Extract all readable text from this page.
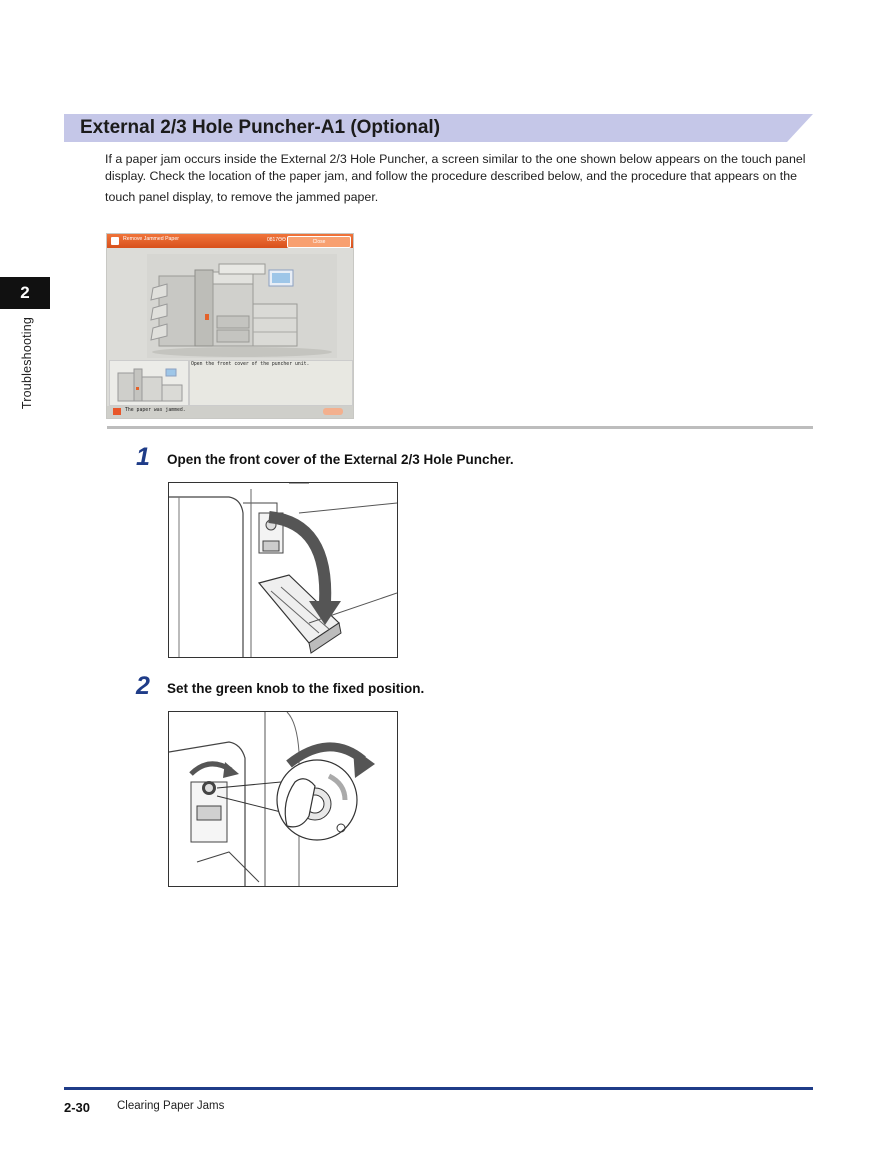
External 2/3 Hole Puncher-A1 (Optional)
If a paper jam occurs inside the External 2/3 Hole Puncher, a screen similar to the one shown below appears on the touch panel
display. Check the location of the paper jam, and follow the procedure described below, and the procedure that appears on the
touch panel display, to remove the jammed paper.
2
Troubleshooting
Remove Jammed Paper	0817ΘΘ	Close
Open the front cover of the puncher unit.
The paper was jammed.
1 Open the front cover of the External 2/3 Hole Puncher.
2 Set the green knob to the fixed position.
2-30 Clearing Paper Jams
